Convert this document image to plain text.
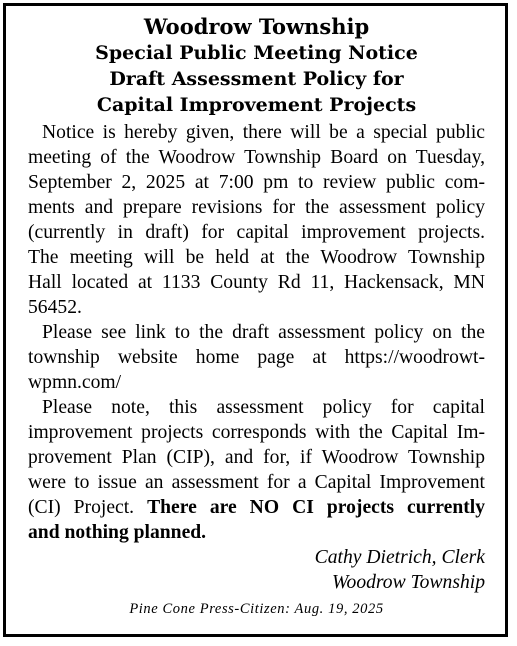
Woodrow Township
Special Public Meeting Notice
Draft Assessment Policy for
Capital Improvement Projects

Notice is hereby given, there will be a special public
meeting of the Woodrow Township Board on Tuesday,
September 2, 2025 at 7:00 pm to review public com-
ments and prepare revisions for the assessment policy
(currently in draft) for capital improvement projects.
The meeting will be held at the Woodrow Township
Hall located at 1133 County Rd 11, Hackensack, MN
56452.

Please see link to the draft assessment policy on the
township website home page at https://woodrowt-
wpmn.com/

Please note, this assessment policy for capital
improvement projects corresponds with the Capital Im-
provement Plan (CIP), and for, if Woodrow Township
were to issue an assessment for a Capital Improvement
(CI) Project. There are NO CI projects currently
and nothing planned.

Cathy Dietrich, Clerk
Woodrow Township
Pine Cone Press-Citizen: Aug. 19, 2025
